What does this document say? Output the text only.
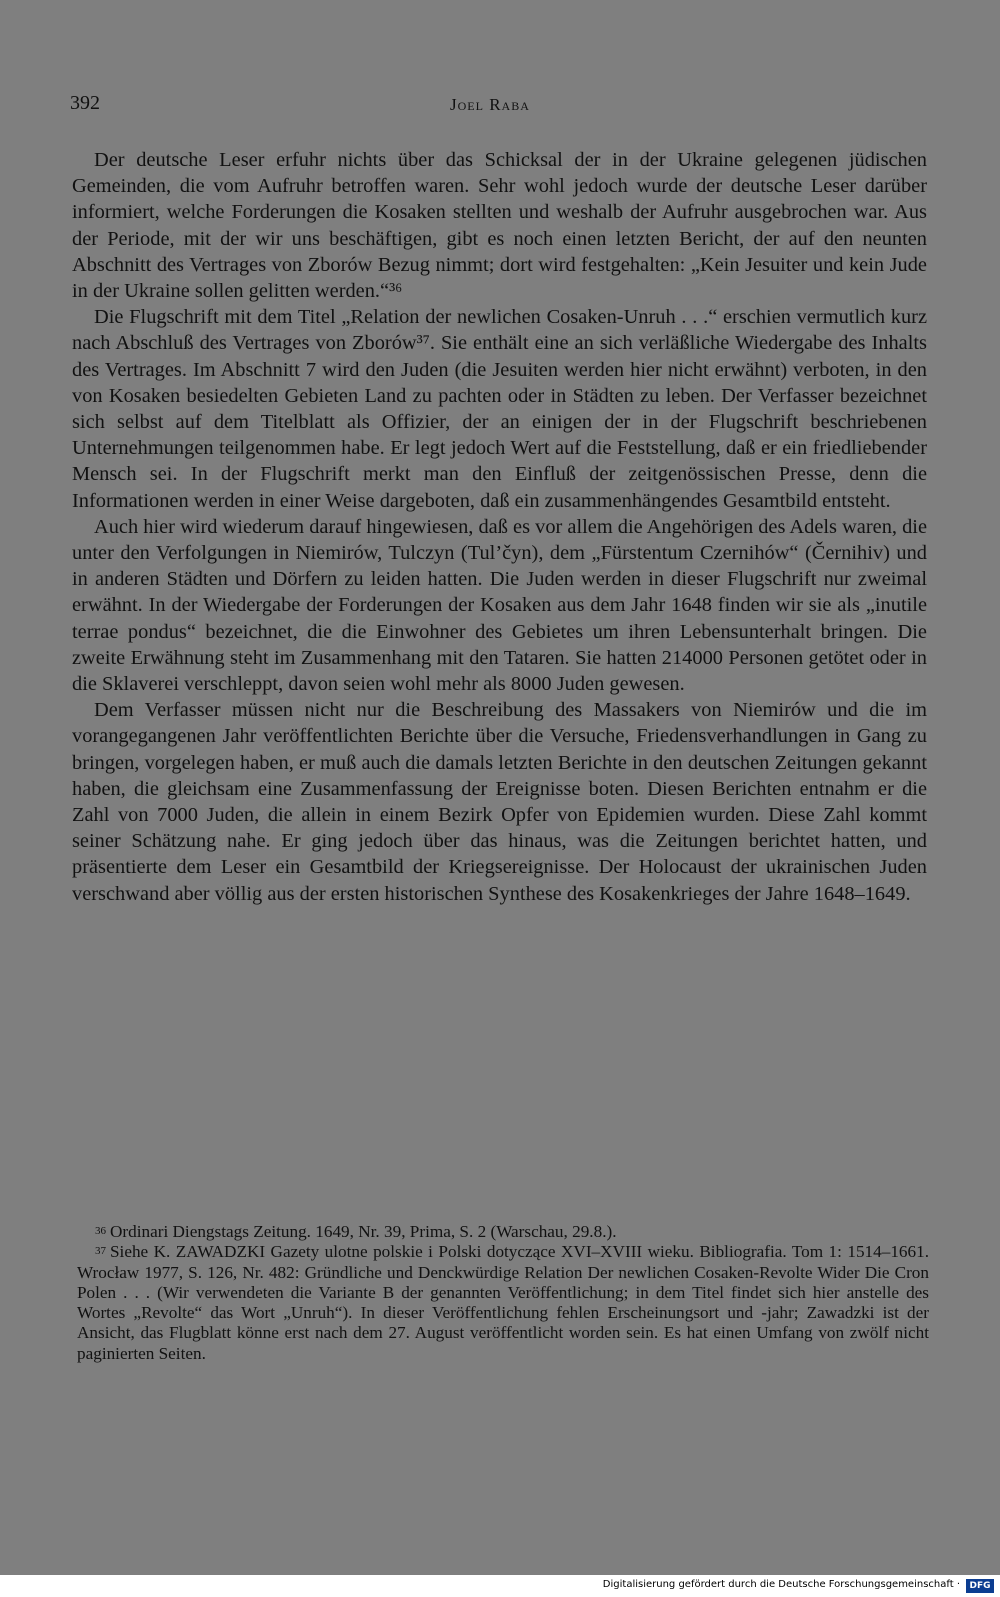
392	Joel Raba

Der deutsche Leser erfuhr nichts über das Schicksal der in der Ukraine gelegenen jüdischen Gemeinden, die vom Aufruhr betroffen waren. Sehr wohl jedoch wurde der deutsche Leser darüber informiert, welche Forderungen die Kosaken stellten und weshalb der Aufruhr ausgebrochen war. Aus der Periode, mit der wir uns beschäftigen, gibt es noch einen letzten Bericht, der auf den neunten Abschnitt des Vertrages von Zborów Bezug nimmt; dort wird festgehalten: „Kein Jesuiter und kein Jude in der Ukraine sollen gelitten werden.“³⁶

Die Flugschrift mit dem Titel „Relation der newlichen Cosaken-Unruh . . .“ erschien vermutlich kurz nach Abschluß des Vertrages von Zborów³⁷. Sie enthält eine an sich verläßliche Wiedergabe des Inhalts des Vertrages. Im Abschnitt 7 wird den Juden (die Jesuiten werden hier nicht erwähnt) verboten, in den von Kosaken besiedelten Gebieten Land zu pachten oder in Städten zu leben. Der Verfasser bezeichnet sich selbst auf dem Titelblatt als Offizier, der an einigen der in der Flugschrift beschriebenen Unternehmungen teilgenommen habe. Er legt jedoch Wert auf die Feststellung, daß er ein friedliebender Mensch sei. In der Flugschrift merkt man den Einfluß der zeitgenössischen Presse, denn die Informationen werden in einer Weise dargeboten, daß ein zusammenhängendes Gesamtbild entsteht.

Auch hier wird wiederum darauf hingewiesen, daß es vor allem die Angehörigen des Adels waren, die unter den Verfolgungen in Niemirów, Tulczyn (Tul’čyn), dem „Fürstentum Czernihów“ (Černihiv) und in anderen Städten und Dörfern zu leiden hatten. Die Juden werden in dieser Flugschrift nur zweimal erwähnt. In der Wiedergabe der Forderungen der Kosaken aus dem Jahr 1648 finden wir sie als „inutile terrae pondus“ bezeichnet, die die Einwohner des Gebietes um ihren Lebensunterhalt bringen. Die zweite Erwähnung steht im Zusammenhang mit den Tataren. Sie hatten 214000 Personen getötet oder in die Sklaverei verschleppt, davon seien wohl mehr als 8000 Juden gewesen.

Dem Verfasser müssen nicht nur die Beschreibung des Massakers von Niemirów und die im vorangegangenen Jahr veröffentlichten Berichte über die Versuche, Friedensverhandlungen in Gang zu bringen, vorgelegen haben, er muß auch die damals letzten Berichte in den deutschen Zeitungen gekannt haben, die gleichsam eine Zusammenfassung der Ereignisse boten. Diesen Berichten entnahm er die Zahl von 7000 Juden, die allein in einem Bezirk Opfer von Epidemien wurden. Diese Zahl kommt seiner Schätzung nahe. Er ging jedoch über das hinaus, was die Zeitungen berichtet hatten, und präsentierte dem Leser ein Gesamtbild der Kriegsereignisse. Der Holocaust der ukrainischen Juden verschwand aber völlig aus der ersten historischen Synthese des Kosakenkrieges der Jahre 1648–1649.

$^{36}$ Ordinari Diengstags Zeitung. 1649, Nr. 39, Prima, S. 2 (Warschau, 29.8.).

$^{37}$ Siehe K. ZAWADZKI Gazety ulotne polskie i Polski dotyczące XVI–XVIII wieku. Bibliografia. Tom 1: 1514–1661. Wrocław 1977, S. 126, Nr. 482: Gründliche und Denckwürdige Relation Der newlichen Cosaken-Revolte Wider Die Cron Polen . . . (Wir verwendeten die Variante B der genannten Veröffentlichung; in dem Titel findet sich hier anstelle des Wortes „Revolte“ das Wort „Unruh“). In dieser Veröffentlichung fehlen Erscheinungsort und -jahr; Zawadzki ist der Ansicht, das Flugblatt könne erst nach dem 27. August veröffentlicht worden sein. Es hat einen Umfang von zwölf nicht paginierten Seiten.

Digitalisierung gefördert durch die Deutsche Forschungsgemeinschaft ·	DFG
